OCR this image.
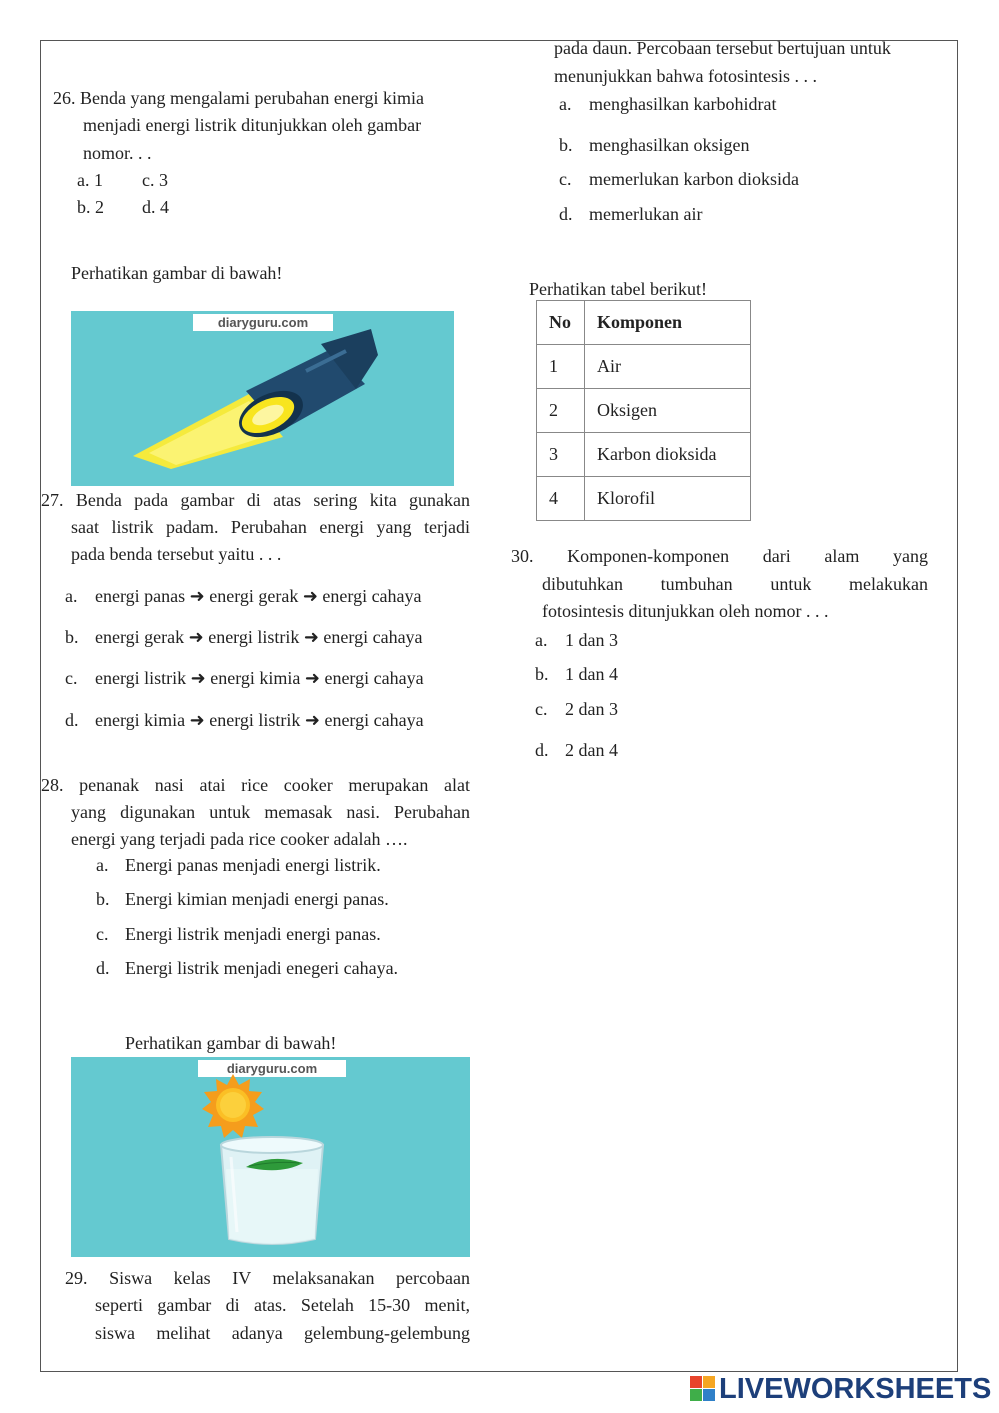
26. Benda yang mengalami perubahan energi kimia
menjadi energi listrik ditunjukkan oleh gambar
nomor. . .
a. 1 c. 3
b. 2 d. 4
Perhatikan gambar di bawah!
diaryguru.com
27. Benda pada gambar di atas sering kita gunakan
saat listrik padam. Perubahan energi yang terjadi
pada benda tersebut yaitu . . .
a. energi panas ➜ energi gerak ➜ energi cahaya
b. energi gerak ➜ energi listrik ➜ energi cahaya
c. energi listrik ➜ energi kimia ➜ energi cahaya
d. energi kimia ➜ energi listrik ➜ energi cahaya
28. penanak nasi atai rice cooker merupakan alat
yang digunakan untuk memasak nasi. Perubahan
energi yang terjadi pada rice cooker adalah ….
a. Energi panas menjadi energi listrik.
b. Energi kimian menjadi energi panas.
c. Energi listrik menjadi energi panas.
d. Energi listrik menjadi enegeri cahaya.
Perhatikan gambar di bawah!
diaryguru.com
29. Siswa kelas IV melaksanakan percobaan
seperti gambar di atas. Setelah 15-30 menit,
siswa melihat adanya gelembung-gelembung
pada daun. Percobaan tersebut bertujuan untuk
menunjukkan bahwa fotosintesis . . .
a. menghasilkan karbohidrat
b. menghasilkan oksigen
c. memerlukan karbon dioksida
d. memerlukan air
Perhatikan tabel berikut!
No	Komponen
1	Air
2	Oksigen
3	Karbon dioksida
4	Klorofil
30. Komponen-komponen dari alam yang
dibutuhkan tumbuhan untuk melakukan
fotosintesis ditunjukkan oleh nomor . . .
a. 1 dan 3
b. 1 dan 4
c. 2 dan 3
d. 2 dan 4
LIVEWORKSHEETS
